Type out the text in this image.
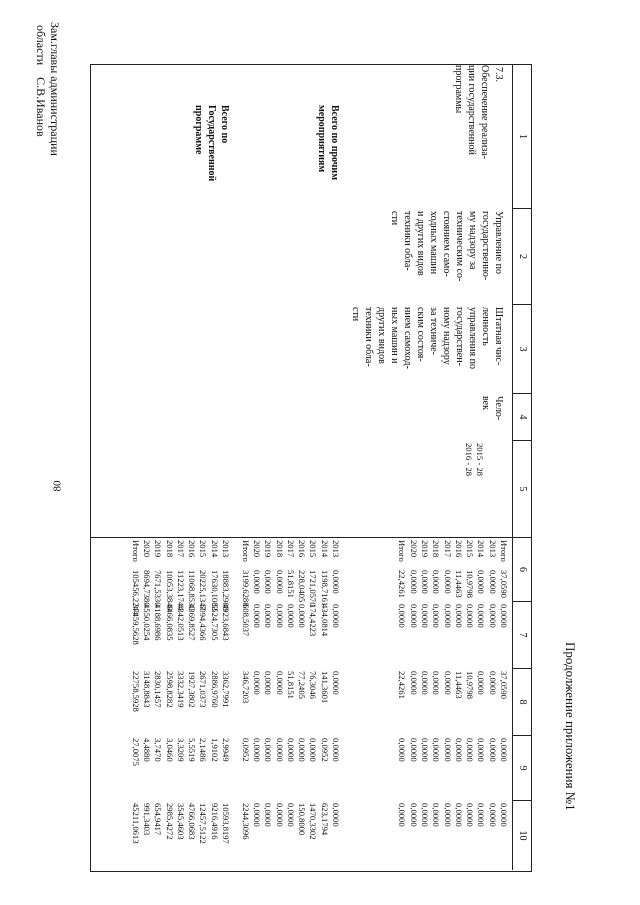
80
Продолжение приложения №1
1
2
3
4
5
6
7
8
9
10
7.3.
Обеспечение реализа-
ции государственной
программы
Управление по
государственно-
му надзору за
техническим со-
стоянием само-
ходных машин
и других видов
техники обла-
сти
Штатная чис-
ленность
управления по
государствен-
ному надзору
за техниче-
ским состоя-
нием самоход-
ных машин и
других видов
техники обла-
сти
Чело-
век
2015 - 28
2016 - 28
Итого
2013
2014
2015
2016
2017
2018
2019
2020
Итого
37,0590
0,0000
0,0000
10,9798
11,4463
0,0000
0,0000
0,0000
0,0000
22,4261
0,0000
0,0000
0,0000
0,0000
0,0000
0,0000
0,0000
0,0000
0,0000
0,0000
37,0590
0,0000
0,0000
10,9798
11,4463
0,0000
0,0000
0,0000
0,0000
22,4261
0,0000
0,0000
0,0000
0,0000
0,0000
0,0000
0,0000
0,0000
0,0000
0,0000
0,0000
0,0000
0,0000
0,0000
0,0000
0,0000
0,0000
0,0000
0,0000
0,0000
Всего по прочим
мероприятиям
2013
2014
2015
2016
2017
2018
2019
2020
Итого
0,0000
1198,7161
1721,0570
228,0405
51,8151
0,0000
0,0000
0,0000
3199,6288
0,0000
434,0814
174,4223
0,0000
0,0000
0,0000
0,0000
0,0000
608,5037
0,0000
141,3601
76,3046
77,2405
51,8151
0,0000
0,0000
0,0000
346,7203
0,0000
0,0952
0,0000
0,0000
0,0000
0,0000
0,0000
0,0000
0,0952
0,0000
623,1794
1470,3302
150,8000
0,0000
0,0000
0,0000
0,0000
2244,3096
Всего по
Государственной
программе
2013
2014
2015
2016
2017
2018
2019
2020
Итого
18883,2980
17630,1083
20225,1347
11068,8530
11223,1744
10053,3849
7671,5330
8694,7380
105456,2244
4923,6843
5524,7305
5094,4366
4369,8527
4342,0513
4466,0835
4188,6986
4550,0254
37459,5628
3362,7991
2886,9760
2671,0373
1927,3802
3332,3419
2598,8282
2830,1457
3148,8843
22758,5928
2,9949
1,9102
2,1486
5,5519
3,3209
3,0460
3,7470
4,4880
27,0075
10593,8197
9216,4916
12457,5122
4766,0683
3545,4603
2985,4272
654,9417
991,3403
45211,0613
Зам.главы администрации
области    С.В.Иванов
